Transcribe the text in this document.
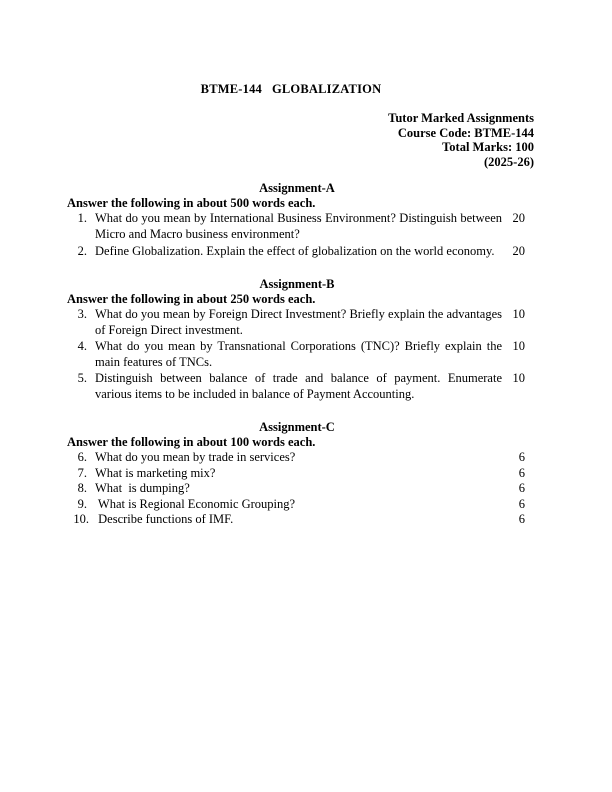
BTME-144   GLOBALIZATION
Tutor Marked Assignments
Course Code: BTME-144
Total Marks: 100
(2025-26)
Assignment-A
Answer the following in about 500 words each.
1. What do you mean by International Business Environment? Distinguish between Micro and Macro business environment?
20
2. Define Globalization. Explain the effect of globalization on the world economy.	20
Assignment-B
Answer the following in about 250 words each.
3. What do you mean by Foreign Direct Investment? Briefly explain the advantages of Foreign Direct investment.
10
4. What do you mean by Transnational Corporations (TNC)? Briefly explain the main features of TNCs.
10
5. Distinguish between balance of trade and balance of payment. Enumerate various items to be included in balance of Payment Accounting.
10
Assignment-C
Answer the following in about 100 words each.
6. What do you mean by trade in services?	6
7. What is marketing mix?	6
8. What  is dumping?	6
9. What is Regional Economic Grouping?	6
10. Describe functions of IMF.	6
